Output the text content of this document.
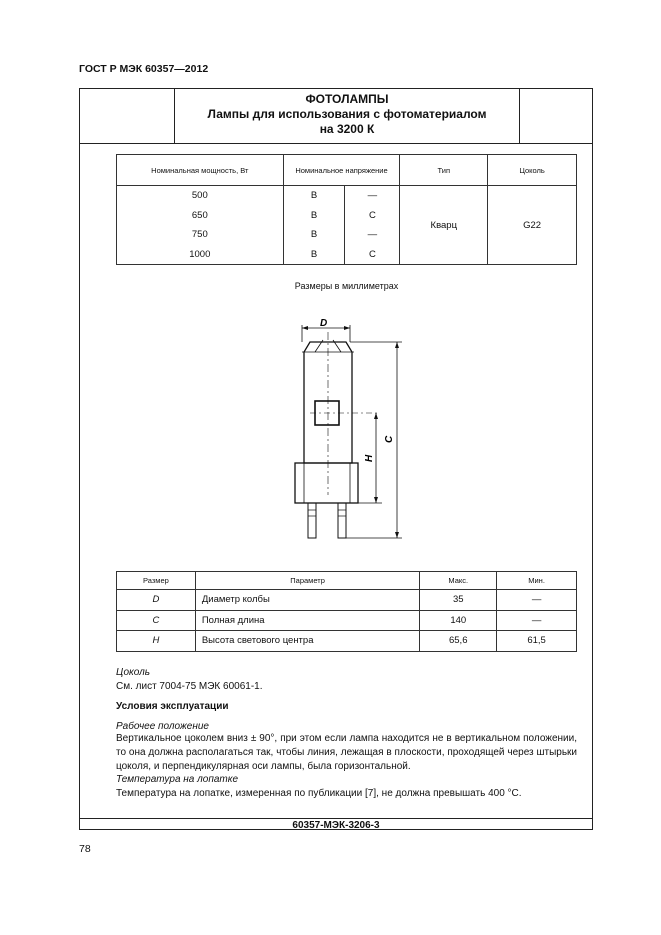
ГОСТ Р МЭК 60357—2012
ФОТОЛАМПЫ
Лампы для использования с фотоматериалом
на 3200 К
Номинальная мощность, Вт	Номинальное напряжение		Тип	Цоколь
500	B	—	Кварц	G22
650	B	C		
750	B	—		
1000	B	C		
Размеры в миллиметрах
D
C
H
Размер	Параметр	Макс.	Мин.
D	Диаметр колбы	35	—
C	Полная длина	140	—
H	Высота светового центра	65,6	61,5
Цоколь
См. лист 7004-75 МЭК 60061-1.
Условия эксплуатации
Рабочее положение
Вертикальное цоколем вниз ± 90°, при этом если лампа находится не в вертикальном положении, то она должна располагаться так, чтобы линия, лежащая в плоскости, проходящей через штырьки цоколя, и перпендикулярная оси лампы, была горизонтальной.
Температура на лопатке
Температура на лопатке, измеренная по публикации [7], не должна превышать 400 °С.
60357-МЭК-3206-3
78
